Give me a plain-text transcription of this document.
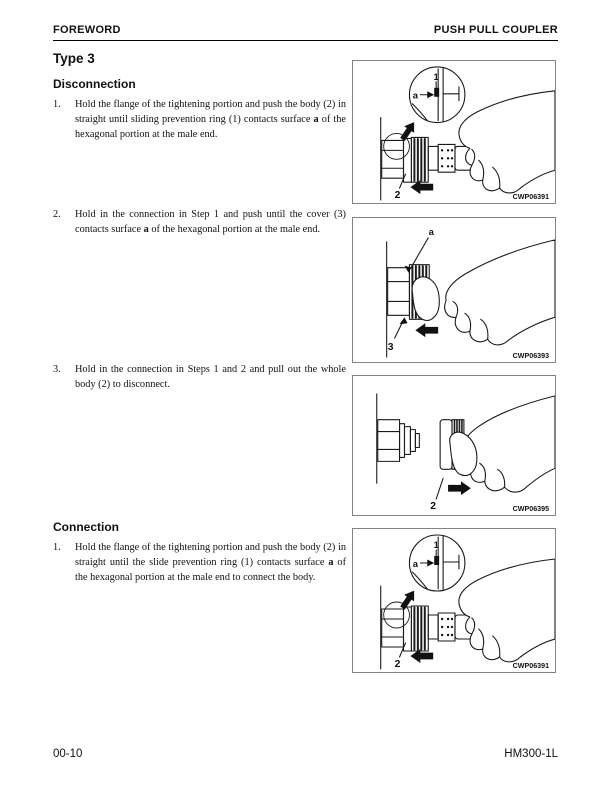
FOREWORD	PUSH PULL COUPLER
Type 3
Disconnection
1. Hold the flange of the tightening portion and push the body (2) in straight until sliding prevention ring (1) contacts surface a of the hexagonal portion at the male end.
2. Hold in the connection in Step 1 and push until the cover (3) contacts surface a of the hexagonal portion at the male end.
3. Hold in the connection in Steps 1 and 2 and pull out the whole body (2) to disconnect.
Connection
1. Hold the flange of the tightening portion and push the body (2) in straight until the slide prevention ring (1) contacts surface a of the hexagonal portion at the male end to connect the body.
1
a
2	CWP06391
a
3
CWP06393
2	CWP06395
1
a
2	CWP06391
00-10	HM300-1L
